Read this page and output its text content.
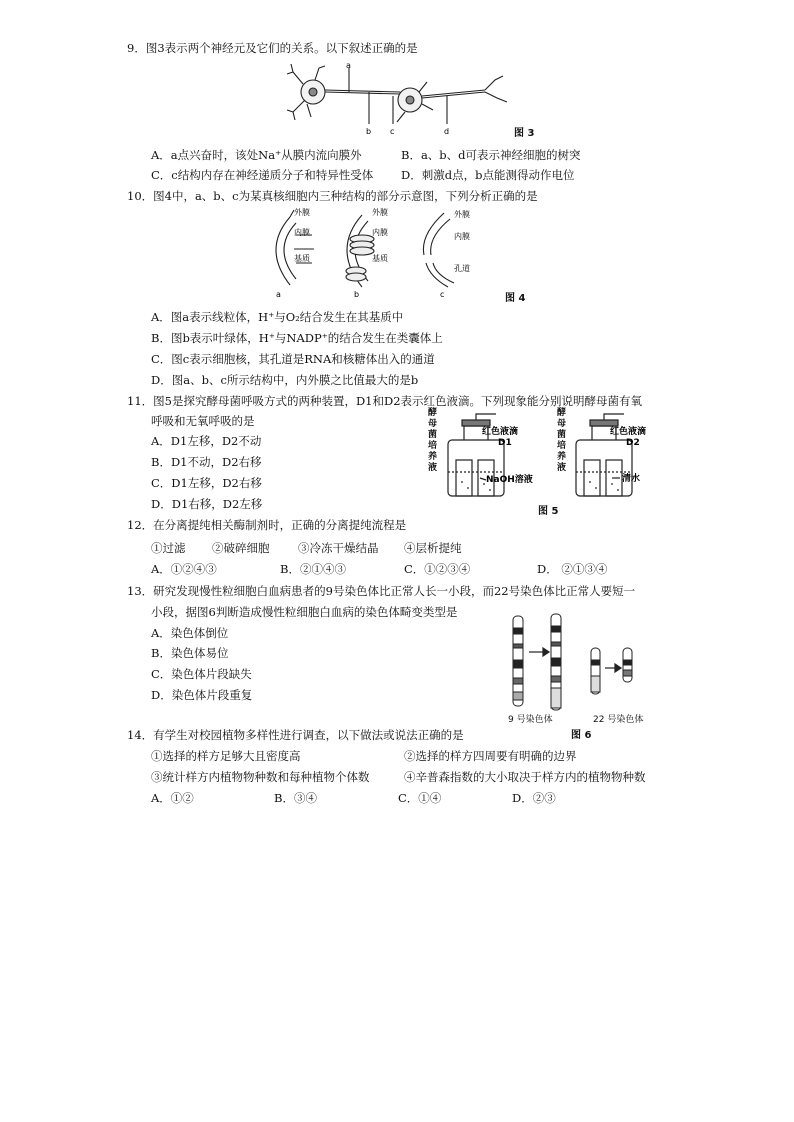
9．图3表示两个神经元及它们的关系。以下叙述正确的是
a
b c	d	图 3
A．a点兴奋时，该处Na⁺从膜内流向膜外	B．a、b、d可表示神经细胞的树突
C．c结构内存在神经递质分子和特异性受体 D．刺激d点，b点能测得动作电位
10．图4中，a、b、c为某真核细胞内三种结构的部分示意图，下列分析正确的是
外膜
内膜
基质
外膜
内膜
基质
外膜
内膜
孔道
a	b	c	图 4
A．图a表示线粒体，H⁺与O₂结合发生在其基质中
B．图b表示叶绿体，H⁺与NADP⁺的结合发生在类囊体上
C．图c表示细胞核，其孔道是RNA和核糖体出入的通道
D．图a、b、c所示结构中，内外膜之比值最大的是b
11．图5是探究酵母菌呼吸方式的两种装置，D1和D2表示红色液滴。下列现象能分别说明酵母菌有氧
呼吸和无氧呼吸的是
A．D1左移，D2不动
B．D1不动，D2右移
C．D1左移，D2右移
D．D1右移，D2左移
酵母菌培养液
酵母菌培养液
红色液滴
D1
NaOH溶液
红色液滴
D2
清水
图 5
12．在分离提纯相关酶制剂时，正确的分离提纯流程是
①过滤 ②破碎细胞 ③冷冻干燥结晶 ④层析提纯
A．①②④③	B．②①④③	C．①②③④	D． ②①③④
13．研究发现慢性粒细胞白血病患者的9号染色体比正常人长一小段，而22号染色体比正常人要短一
小段，据图6判断造成慢性粒细胞白血病的染色体畸变类型是
A．染色体倒位
B．染色体易位
C．染色体片段缺失
D．染色体片段重复
9 号染色体	22 号染色体
图 6
14．有学生对校园植物多样性进行调查，以下做法或说法正确的是
①选择的样方足够大且密度高	②选择的样方四周要有明确的边界
③统计样方内植物物种数和每种植物个体数	④辛普森指数的大小取决于样方内的植物物种数
A．①②	B．③④	C．①④	D．②③
